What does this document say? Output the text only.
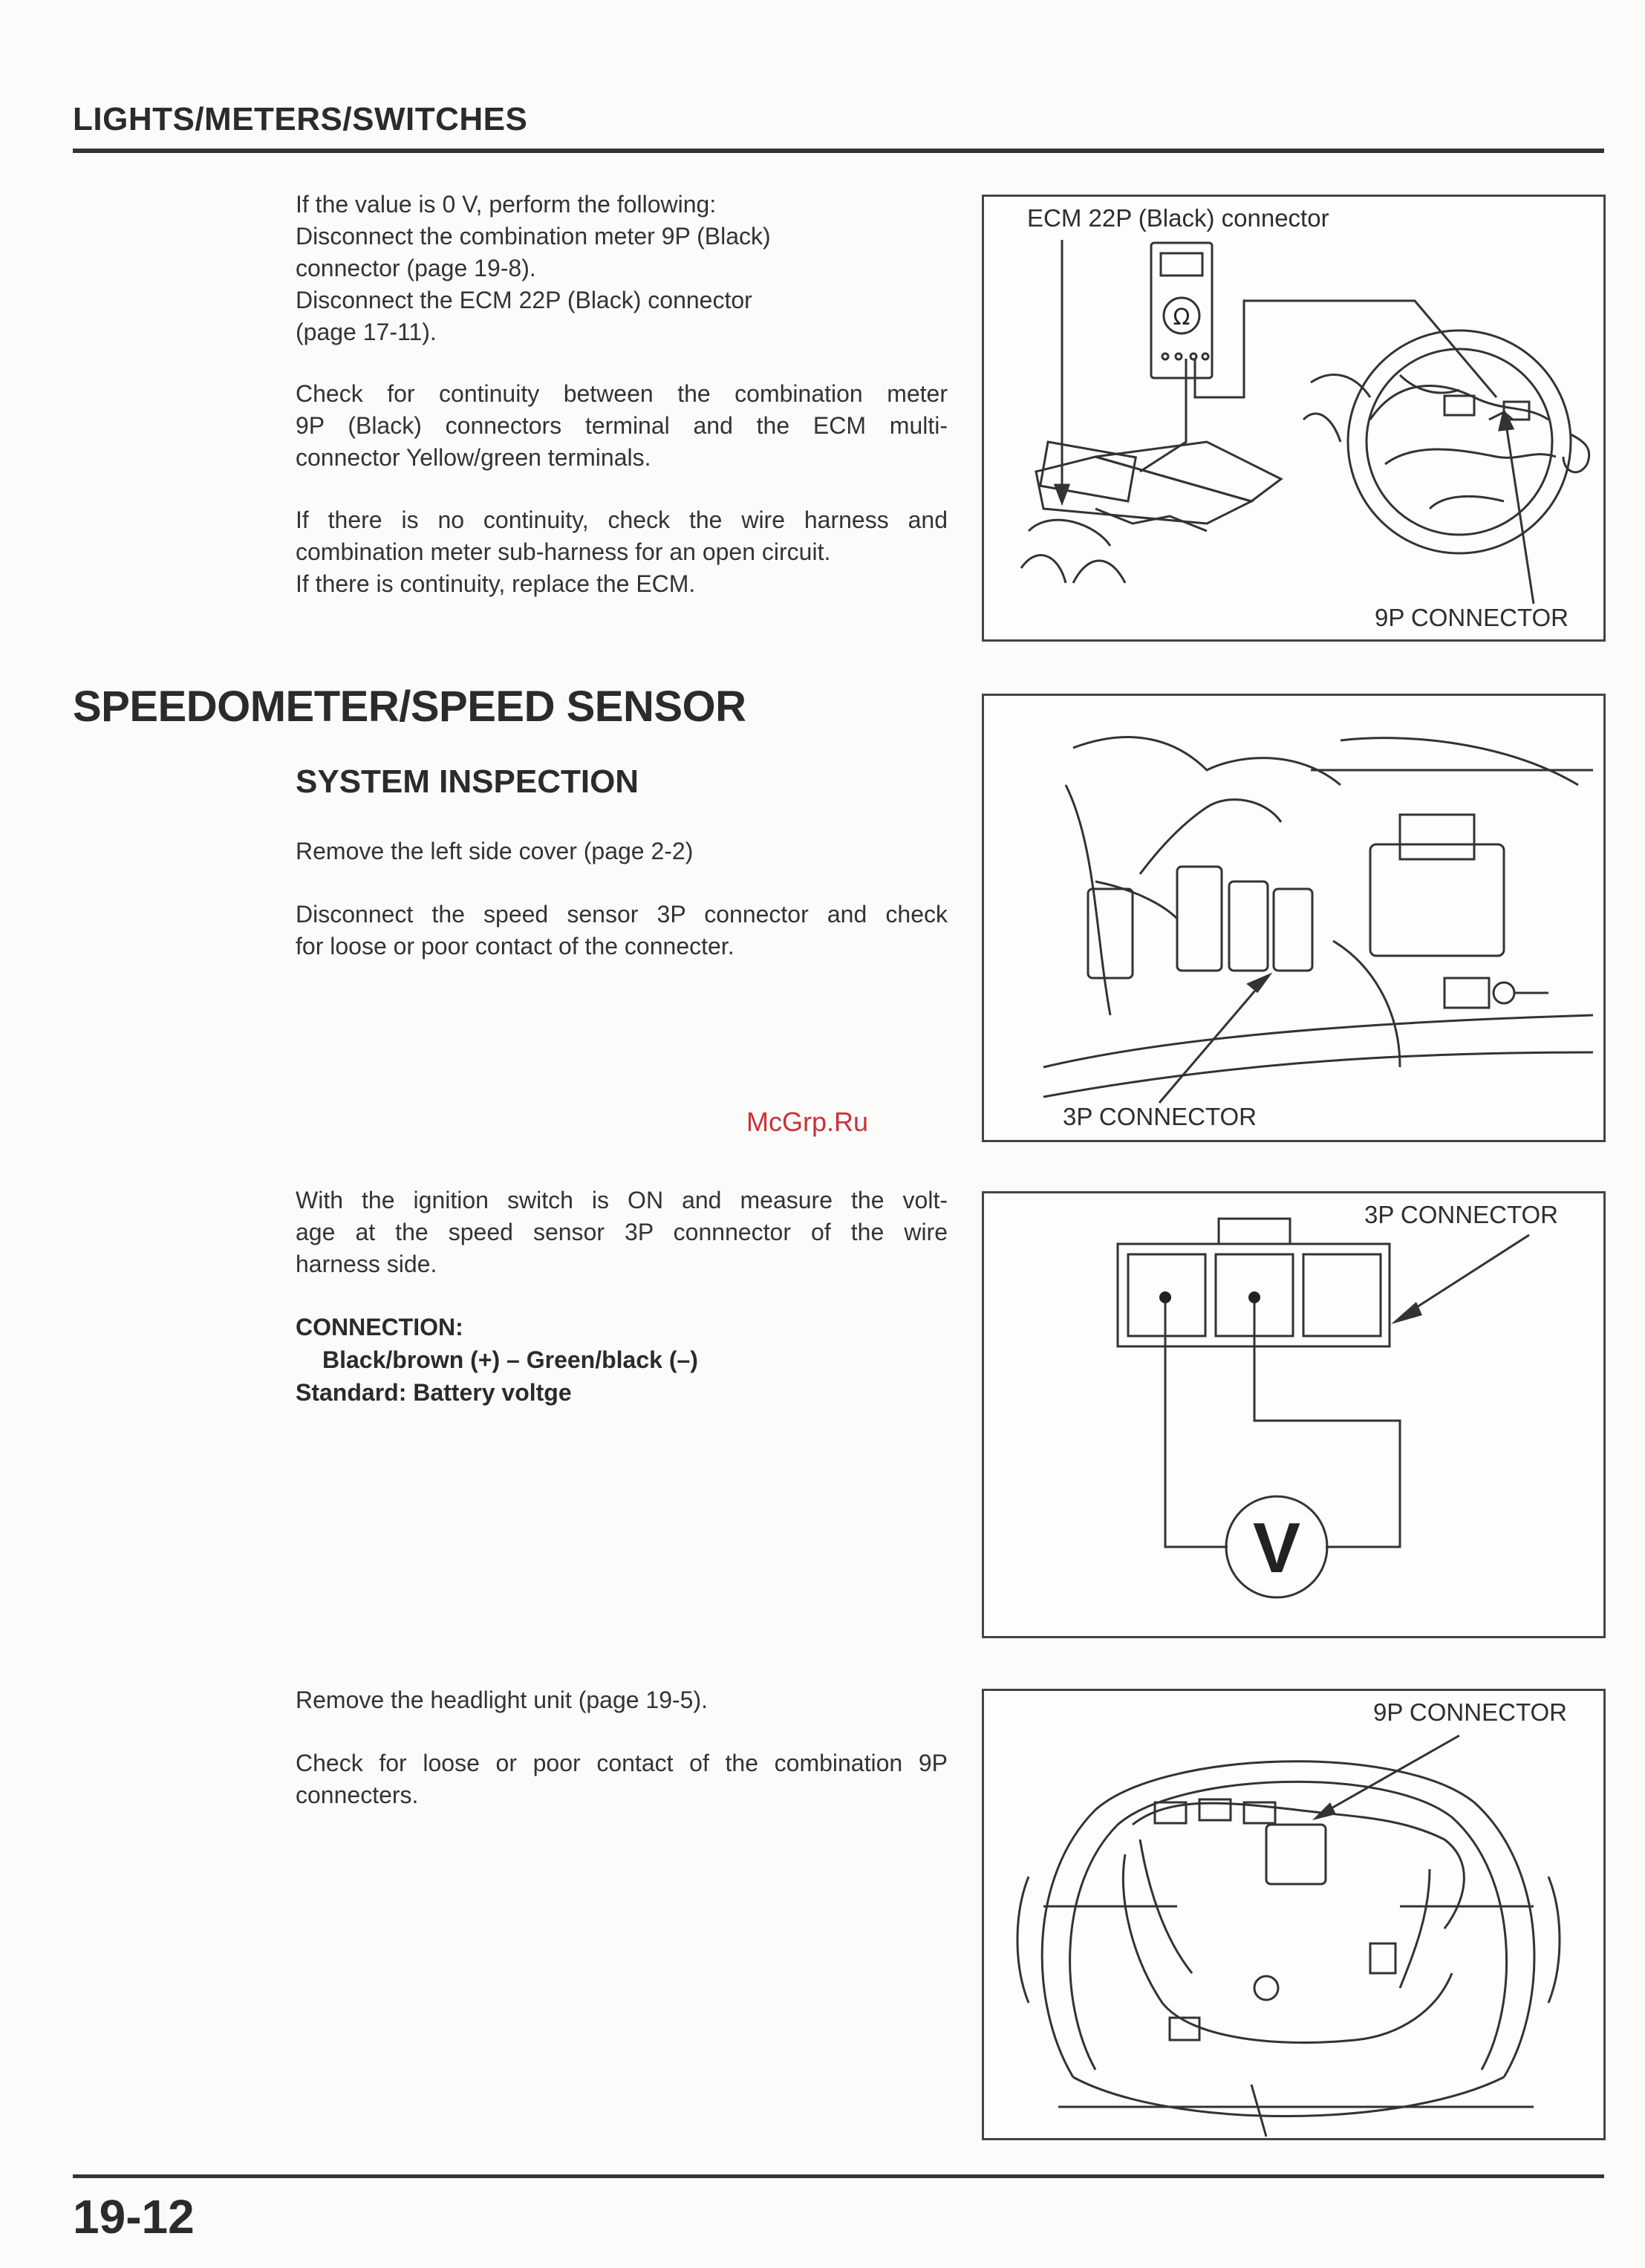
LIGHTS/METERS/SWITCHES
If the value is 0 V, perform the following:
Disconnect the combination meter 9P (Black)
connector (page 19-8).
Disconnect the ECM 22P (Black) connector
(page 17-11).
Check for continuity between the combination meter
9P (Black) connectors terminal and the ECM multi-
connector Yellow/green terminals.
If there is no continuity, check the wire harness and
combination meter sub-harness for an open circuit.
If there is continuity, replace the ECM.
SPEEDOMETER/SPEED SENSOR
SYSTEM INSPECTION
Remove the left side cover (page 2-2)
Disconnect the speed sensor 3P connector and check
for loose or poor contact of the connecter.
With the ignition switch is ON and measure the volt-
age at the speed sensor 3P connnector of the wire
harness side.
CONNECTION:
Black/brown (+) – Green/black (–)
Standard: Battery voltge
Remove the headlight unit (page 19-5).
Check for loose or poor contact of the combination 9P
connecters.
McGrp.Ru
Ω
ECM 22P (Black) connector
9P CONNECTOR
3P CONNECTOR
V
3P CONNECTOR
9P CONNECTOR
19-12
